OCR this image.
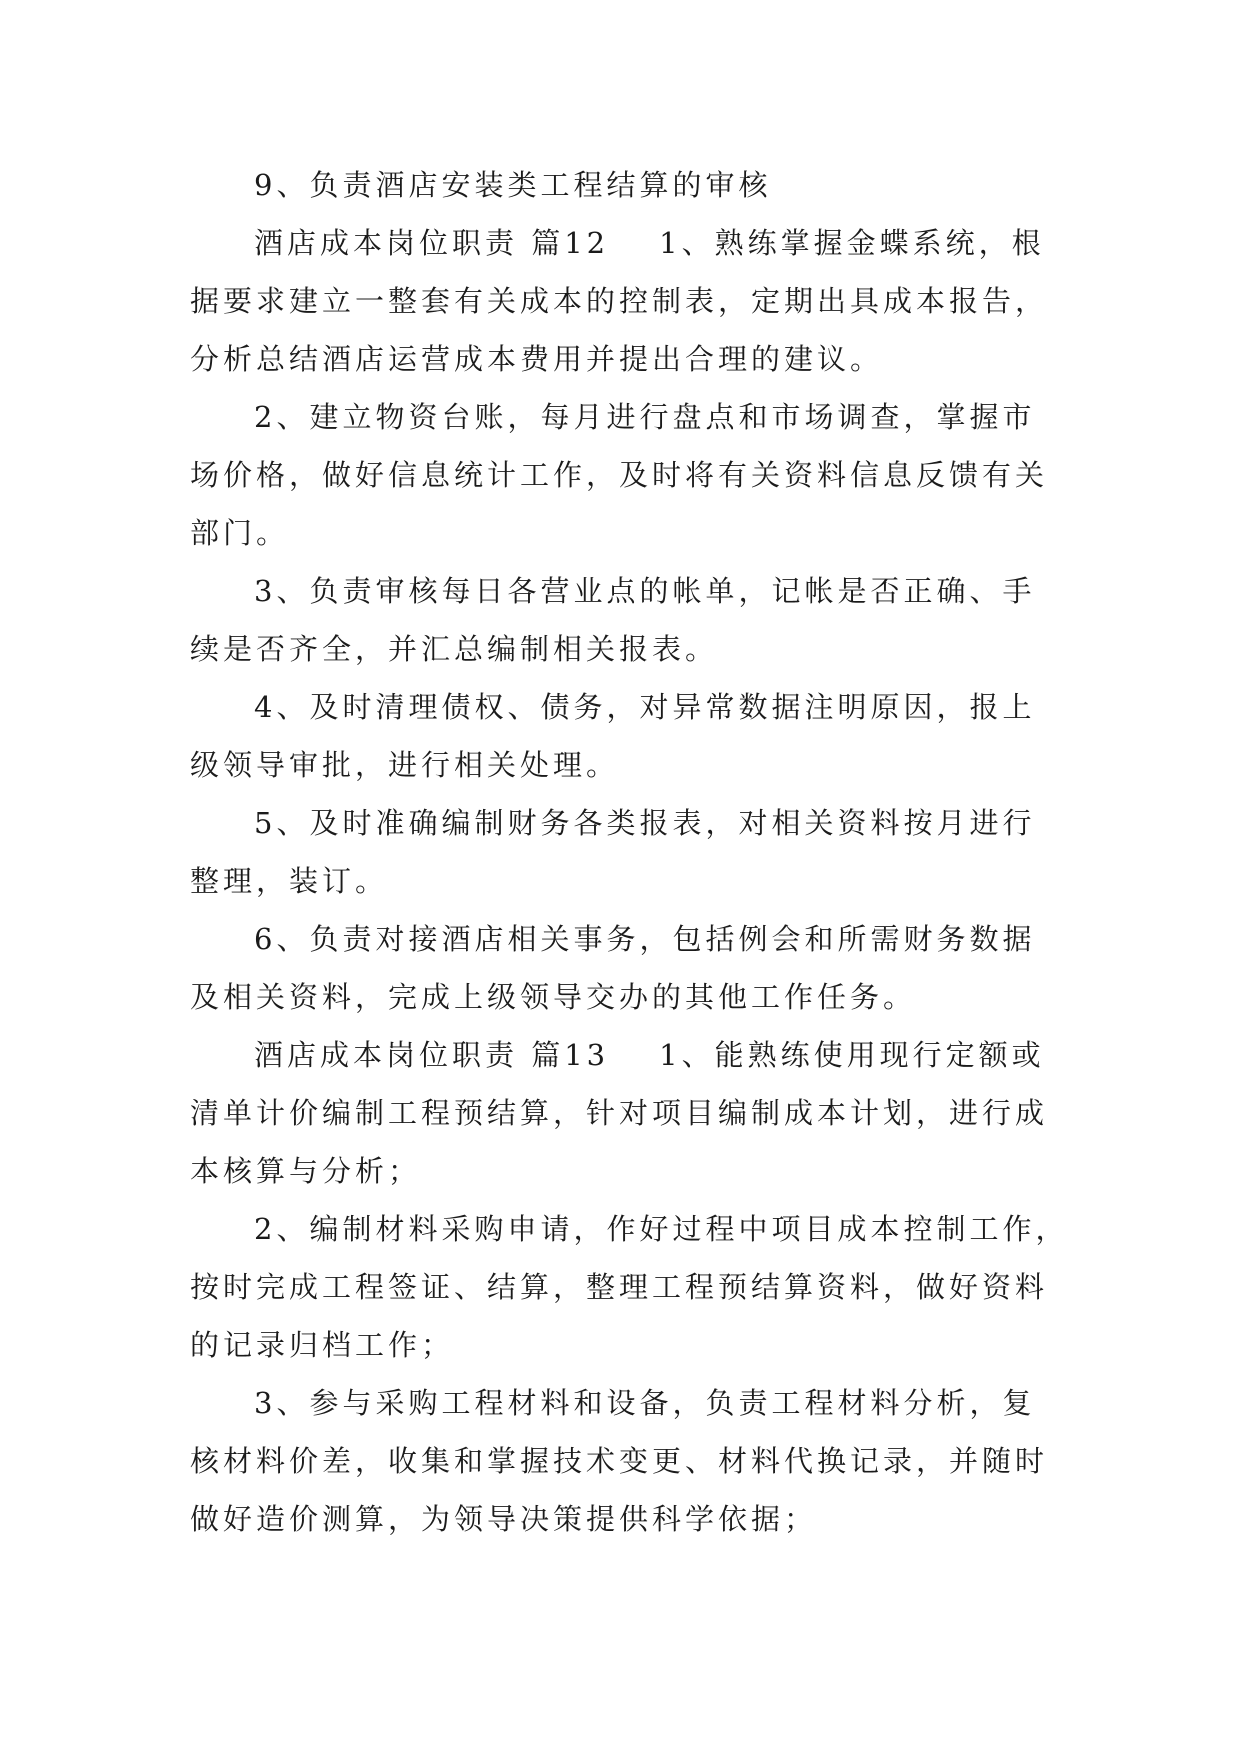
9、负责酒店安装类工程结算的审核

酒店成本岗位职责 篇12 1、熟练掌握金蝶系统，根
据要求建立一整套有关成本的控制表，定期出具成本报告，
分析总结酒店运营成本费用并提出合理的建议。

2、建立物资台账，每月进行盘点和市场调查，掌握市
场价格，做好信息统计工作，及时将有关资料信息反馈有关
部门。

3、负责审核每日各营业点的帐单，记帐是否正确、手
续是否齐全，并汇总编制相关报表。

4、及时清理债权、债务，对异常数据注明原因，报上
级领导审批，进行相关处理。

5、及时准确编制财务各类报表，对相关资料按月进行
整理，装订。

6、负责对接酒店相关事务，包括例会和所需财务数据
及相关资料，完成上级领导交办的其他工作任务。

酒店成本岗位职责 篇13 1、能熟练使用现行定额或
清单计价编制工程预结算，针对项目编制成本计划，进行成
本核算与分析；

2、编制材料采购申请，作好过程中项目成本控制工作，
按时完成工程签证、结算，整理工程预结算资料，做好资料
的记录归档工作；

3、参与采购工程材料和设备，负责工程材料分析，复
核材料价差，收集和掌握技术变更、材料代换记录，并随时
做好造价测算，为领导决策提供科学依据；
